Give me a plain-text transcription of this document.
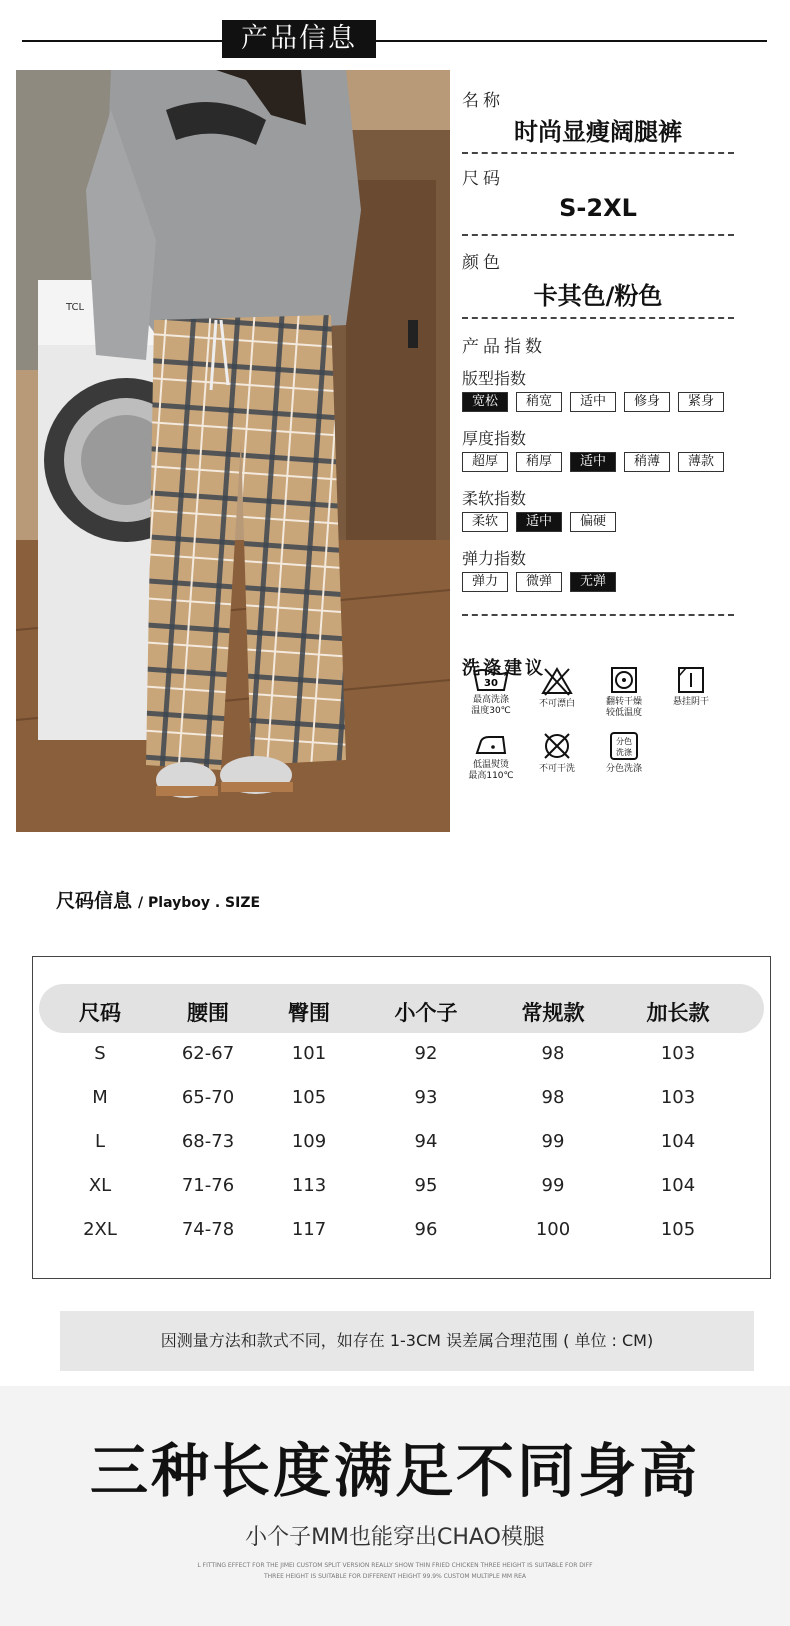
产品信息
TCL
名称
时尚显瘦阔腿裤
尺码
S-2XL
颜色
卡其色/粉色
产品指数
版型指数
宽松	稍宽	适中	修身	紧身
厚度指数
超厚	稍厚	适中	稍薄	薄款
柔软指数
柔软	适中	偏硬
弹力指数
弹力	微弹	无弹
洗涤建议
30
最高洗涤
温度30℃
不可漂白	翻转干燥
较低温度
悬挂阴干
低温熨烫
最高110℃
不可干洗
分色
洗涤
分色洗涤
尺码信息 / Playboy . SIZE
尺码	腰围	臀围	小个子	常规款	加长款
S	62-67	101	92	98	103
M	65-70	105	93	98	103
L	68-73	109	94	99	104
XL	71-76	113	95	99	104
2XL	74-78	117	96	100	105
因测量方法和款式不同，如存在 1-3CM 误差属合理范围 ( 单位 : CM)
三种长度满足不同身高
小个子MM也能穿出CHAO模腿
L FITTING EFFECT FOR THE JIMEI CUSTOM SPLIT VERSION REALLY SHOW THIN FRIED CHICKEN THREE HEIGHT IS SUITABLE FOR DIFF
THREE HEIGHT IS SUITABLE FOR DIFFERENT HEIGHT 99.9% CUSTOM MULTIPLE MM REA
